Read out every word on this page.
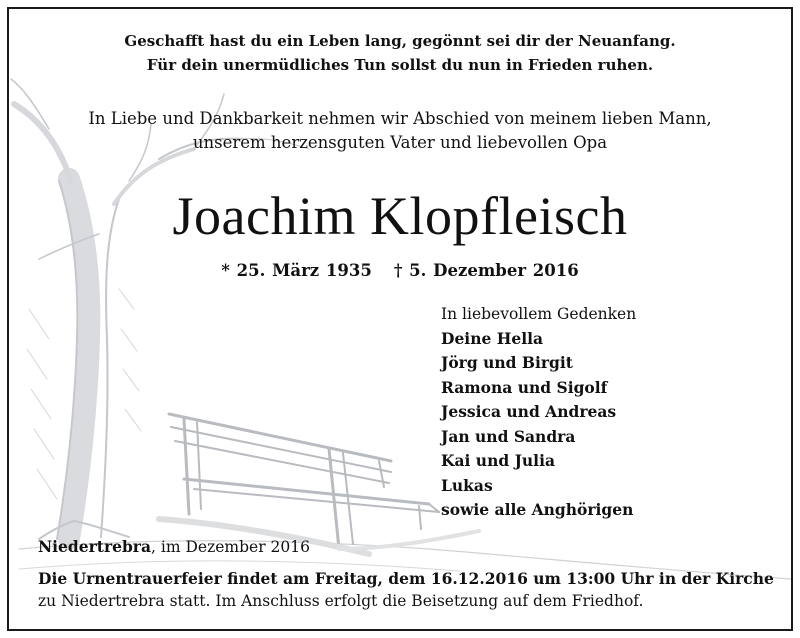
Geschafft hast du ein Leben lang, gegönnt sei dir der Neuanfang.
Für dein unermüdliches Tun sollst du nun in Frieden ruhen.
In Liebe und Dankbarkeit nehmen wir Abschied von meinem lieben Mann,
unserem herzensguten Vater und liebevollen Opa
Joachim Klopfleisch
* 25. März 1935 † 5. Dezember 2016
In liebevollem Gedenken
Deine Hella
Jörg und Birgit
Ramona und Sigolf
Jessica und Andreas
Jan und Sandra
Kai und Julia
Lukas
sowie alle Anghörigen
Niedertrebra, im Dezember 2016
Die Urnentrauerfeier findet am Freitag, dem 16.12.2016 um 13:00 Uhr in der Kirche
zu Niedertrebra statt. Im Anschluss erfolgt die Beisetzung auf dem Friedhof.
